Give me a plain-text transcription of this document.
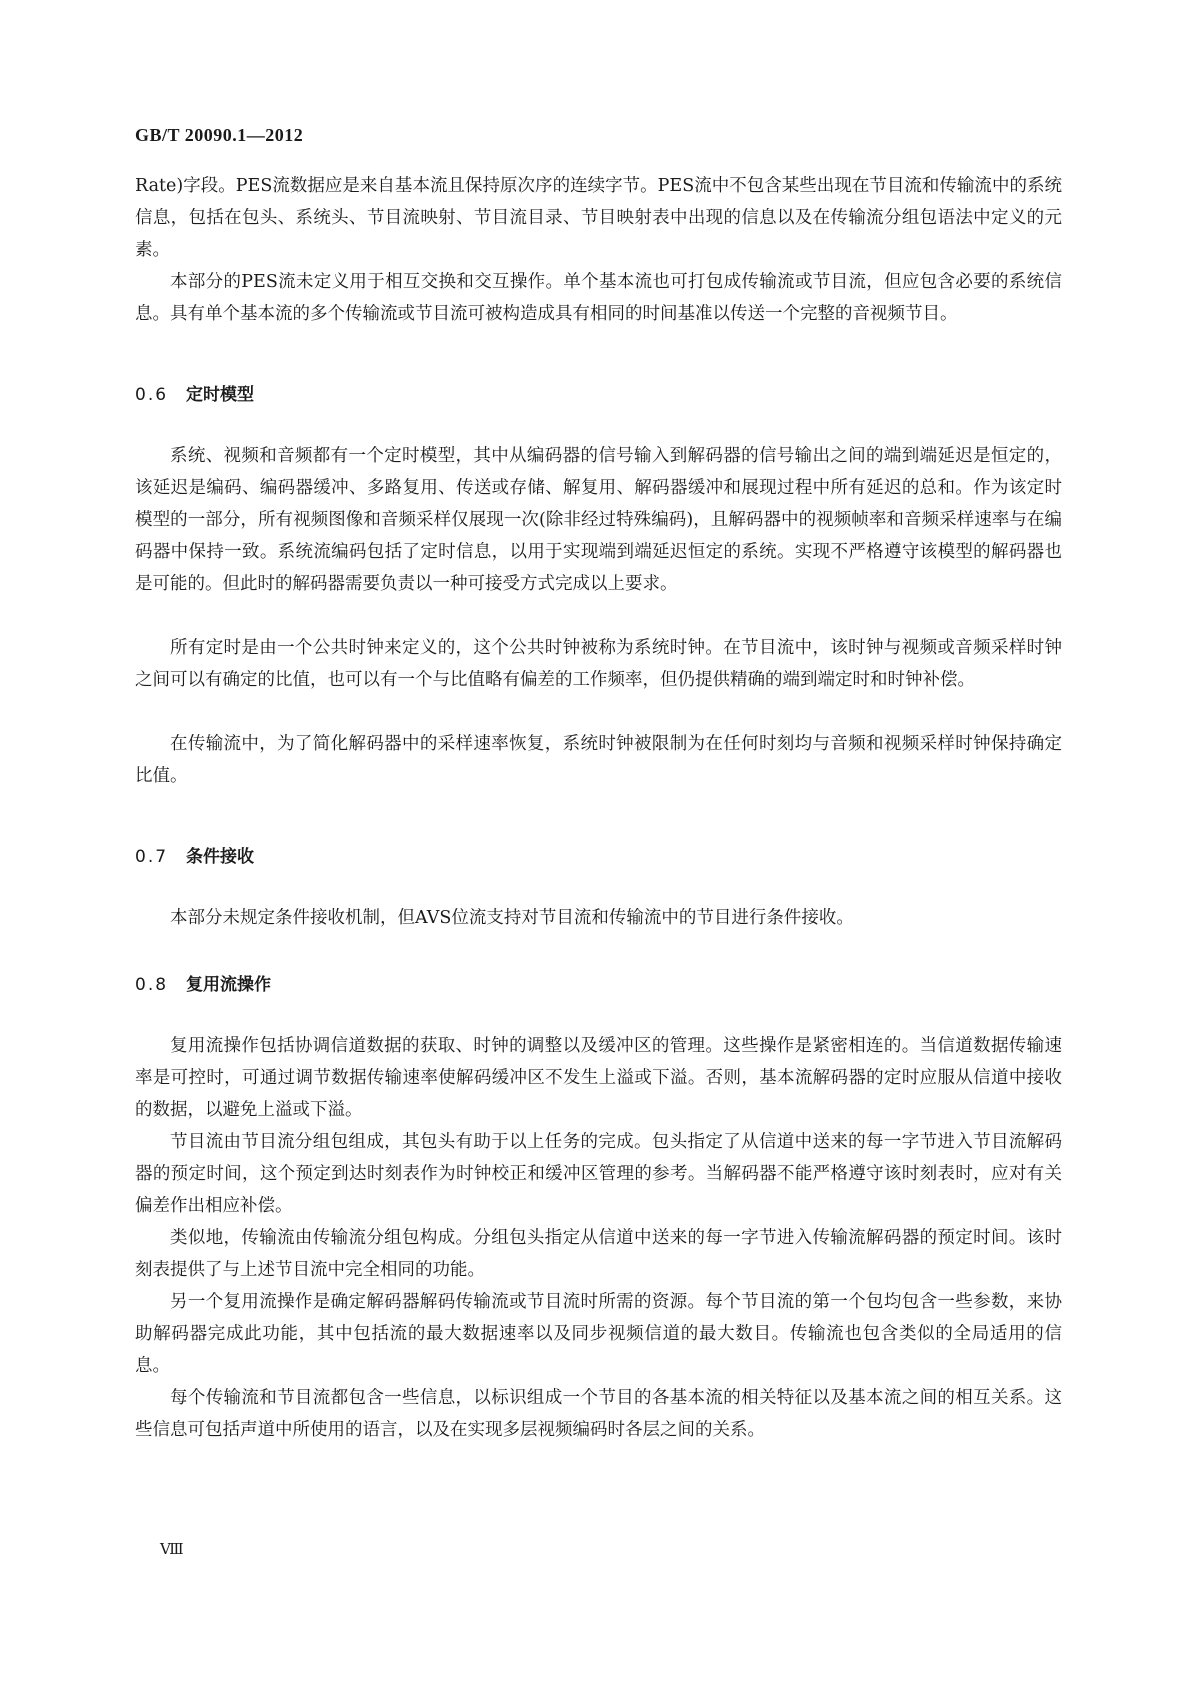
GB/T 20090.1—2012

Rate)字段。PES流数据应是来自基本流且保持原次序的连续字节。PES流中不包含某些出现在节目流和传输流中的系统信息，包括在包头、系统头、节目流映射、节目流目录、节目映射表中出现的信息以及在传输流分组包语法中定义的元素。

本部分的PES流未定义用于相互交换和交互操作。单个基本流也可打包成传输流或节目流，但应包含必要的系统信息。具有单个基本流的多个传输流或节目流可被构造成具有相同的时间基准以传送一个完整的音视频节目。

0.6 定时模型

系统、视频和音频都有一个定时模型，其中从编码器的信号输入到解码器的信号输出之间的端到端延迟是恒定的，该延迟是编码、编码器缓冲、多路复用、传送或存储、解复用、解码器缓冲和展现过程中所有延迟的总和。作为该定时模型的一部分，所有视频图像和音频采样仅展现一次(除非经过特殊编码)，且解码器中的视频帧率和音频采样速率与在编码器中保持一致。系统流编码包括了定时信息，以用于实现端到端延迟恒定的系统。实现不严格遵守该模型的解码器也是可能的。但此时的解码器需要负责以一种可接受方式完成以上要求。

所有定时是由一个公共时钟来定义的，这个公共时钟被称为系统时钟。在节目流中，该时钟与视频或音频采样时钟之间可以有确定的比值，也可以有一个与比值略有偏差的工作频率，但仍提供精确的端到端定时和时钟补偿。

在传输流中，为了简化解码器中的采样速率恢复，系统时钟被限制为在任何时刻均与音频和视频采样时钟保持确定比值。

0.7 条件接收

本部分未规定条件接收机制，但AVS位流支持对节目流和传输流中的节目进行条件接收。

0.8 复用流操作

复用流操作包括协调信道数据的获取、时钟的调整以及缓冲区的管理。这些操作是紧密相连的。当信道数据传输速率是可控时，可通过调节数据传输速率使解码缓冲区不发生上溢或下溢。否则，基本流解码器的定时应服从信道中接收的数据，以避免上溢或下溢。

节目流由节目流分组包组成，其包头有助于以上任务的完成。包头指定了从信道中送来的每一字节进入节目流解码器的预定时间，这个预定到达时刻表作为时钟校正和缓冲区管理的参考。当解码器不能严格遵守该时刻表时，应对有关偏差作出相应补偿。

类似地，传输流由传输流分组包构成。分组包头指定从信道中送来的每一字节进入传输流解码器的预定时间。该时刻表提供了与上述节目流中完全相同的功能。

另一个复用流操作是确定解码器解码传输流或节目流时所需的资源。每个节目流的第一个包均包含一些参数，来协助解码器完成此功能，其中包括流的最大数据速率以及同步视频信道的最大数目。传输流也包含类似的全局适用的信息。

每个传输流和节目流都包含一些信息，以标识组成一个节目的各基本流的相关特征以及基本流之间的相互关系。这些信息可包括声道中所使用的语言，以及在实现多层视频编码时各层之间的关系。

Ⅷ
